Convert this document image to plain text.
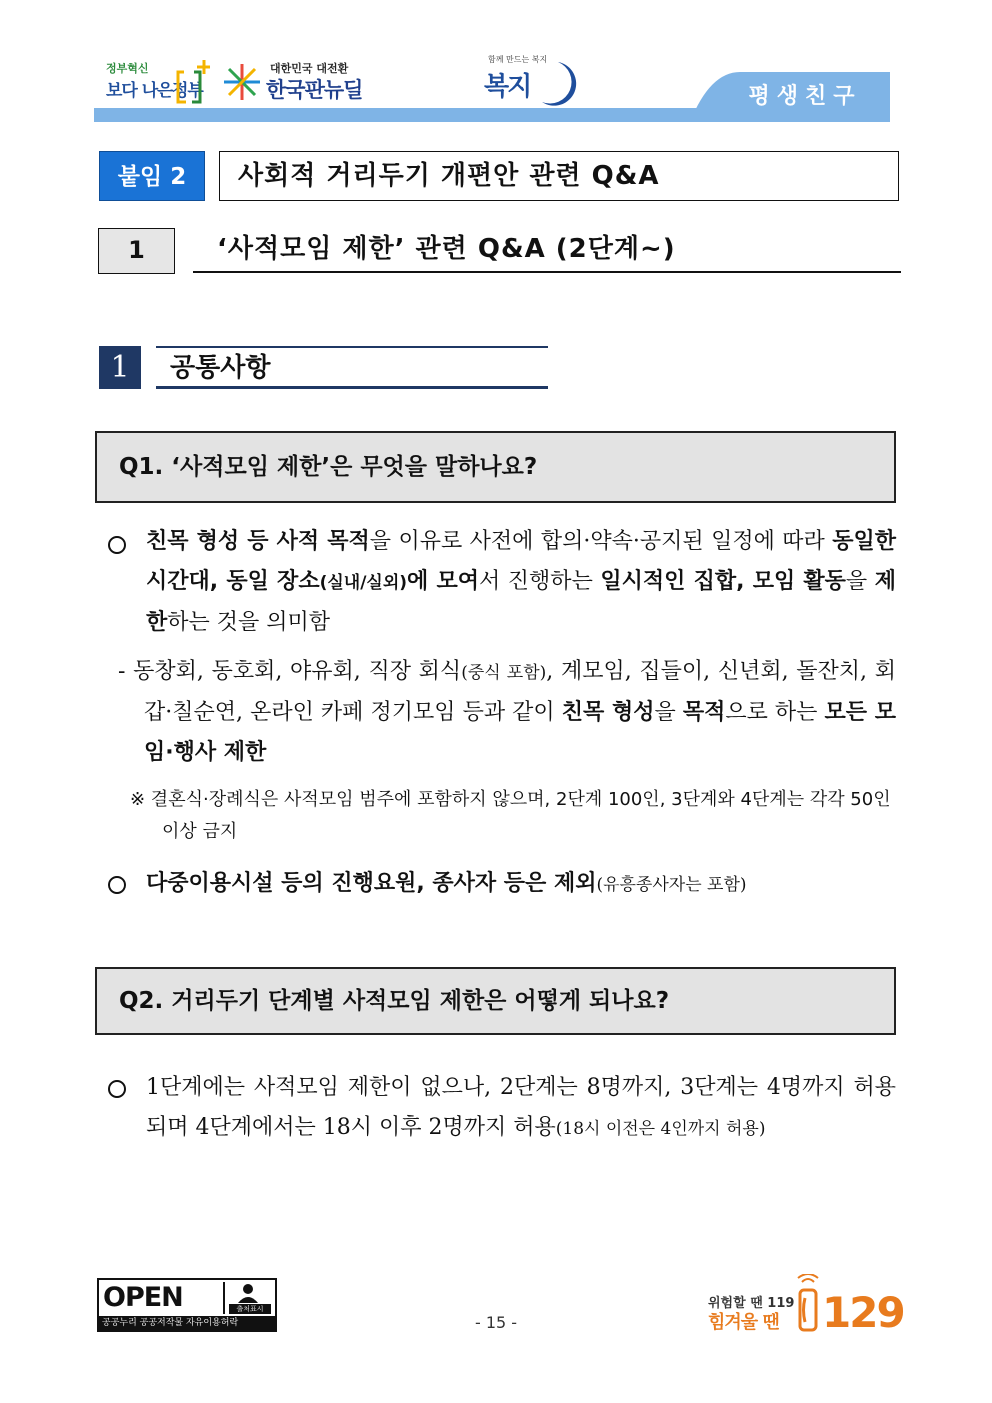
정부혁신
보다 나은 정부
대한민국 대전환
한국판뉴딜
함께 만드는 복지
복지	평생친구
붙임 2	사회적 거리두기 개편안 관련 Q&A
1	‘사적모임 제한’ 관련 Q&A (2단계~)
1	공통사항
Q1. ‘사적모임 제한’은 무엇을 말하나요?
친목 형성 등 사적 목적을 이유로 사전에 합의·약속·공지된 일정에 따라 동일한 시간대, 동일 장소(실내/실외)에 모여서 진행하는 일시적인 집합, 모임 활동을 제한하는 것을 의미함
- 동창회, 동호회, 야유회, 직장 회식(중식 포함), 계모임, 집들이, 신년회, 돌잔치, 회갑·칠순연, 온라인 카페 정기모임 등과 같이 친목 형성을 목적으로 하는 모든 모임·행사 제한
※ 결혼식·장례식은 사적모임 범주에 포함하지 않으며, 2단계 100인, 3단계와 4단계는 각각 50인 이상 금지
다중이용시설 등의 진행요원, 종사자 등은 제외(유흥종사자는 포함)
Q2. 거리두기 단계별 사적모임 제한은 어떻게 되나요?
1단계에는 사적모임 제한이 없으나, 2단계는 8명까지, 3단계는 4명까지 허용되며 4단계에서는 18시 이후 2명까지 허용(18시 이전은 4인까지 허용)
OPEN	출처표시
공공누리 공공저작물 자유이용허락	- 15 -
위험할 땐 119
힘겨울 땐 129
